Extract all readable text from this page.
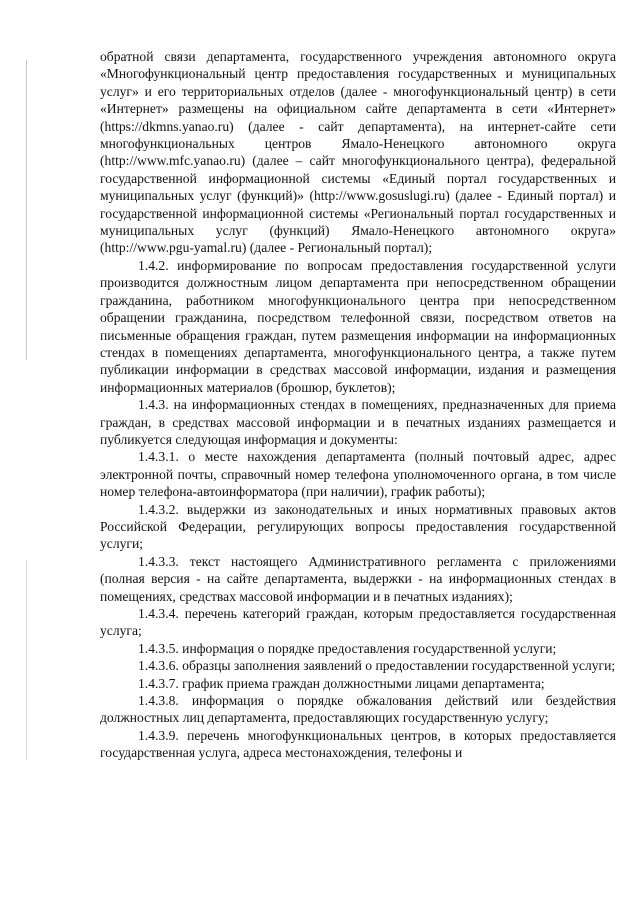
обратной связи департамента, государственного учреждения автономного округа «Многофункциональный центр предоставления государственных и муниципальных услуг» и его территориальных отделов (далее - многофункциональный центр) в сети «Интернет» размещены на официальном сайте департамента в сети «Интернет» (https://dkmns.yanao.ru) (далее - сайт департамента), на интернет-сайте сети многофункциональных центров Ямало-Ненецкого автономного округа (http://www.mfc.yanao.ru) (далее – сайт многофункционального центра), федеральной государственной информационной системы «Единый портал государственных и муниципальных услуг (функций)» (http://www.gosuslugi.ru) (далее - Единый портал) и государственной информационной системы «Региональный портал государственных и муниципальных услуг (функций) Ямало-Ненецкого автономного округа» (http://www.pgu-yamal.ru) (далее - Региональный портал);

1.4.2. информирование по вопросам предоставления государственной услуги производится должностным лицом департамента при непосредственном обращении гражданина, работником многофункционального центра при непосредственном обращении гражданина, посредством телефонной связи, посредством ответов на письменные обращения граждан, путем размещения информации на информационных стендах в помещениях департамента, многофункционального центра, а также путем публикации информации в средствах массовой информации, издания и размещения информационных материалов (брошюр, буклетов);

1.4.3. на информационных стендах в помещениях, предназначенных для приема граждан, в средствах массовой информации и в печатных изданиях размещается и публикуется следующая информация и документы:

1.4.3.1. о месте нахождения департамента (полный почтовый адрес, адрес электронной почты, справочный номер телефона уполномоченного органа, в том числе номер телефона-автоинформатора (при наличии), график работы);

1.4.3.2. выдержки из законодательных и иных нормативных правовых актов Российской Федерации, регулирующих вопросы предоставления государственной услуги;

1.4.3.3. текст настоящего Административного регламента с приложениями (полная версия - на сайте департамента, выдержки - на информационных стендах в помещениях, средствах массовой информации и в печатных изданиях);

1.4.3.4. перечень категорий граждан, которым предоставляется государственная услуга;

1.4.3.5. информация о порядке предоставления государственной услуги;

1.4.3.6. образцы заполнения заявлений о предоставлении государственной услуги;

1.4.3.7. график приема граждан должностными лицами департамента;

1.4.3.8. информация о порядке обжалования действий или бездействия должностных лиц департамента, предоставляющих государственную услугу;

1.4.3.9. перечень многофункциональных центров, в которых предоставляется государственная услуга, адреса местонахождения, телефоны и
